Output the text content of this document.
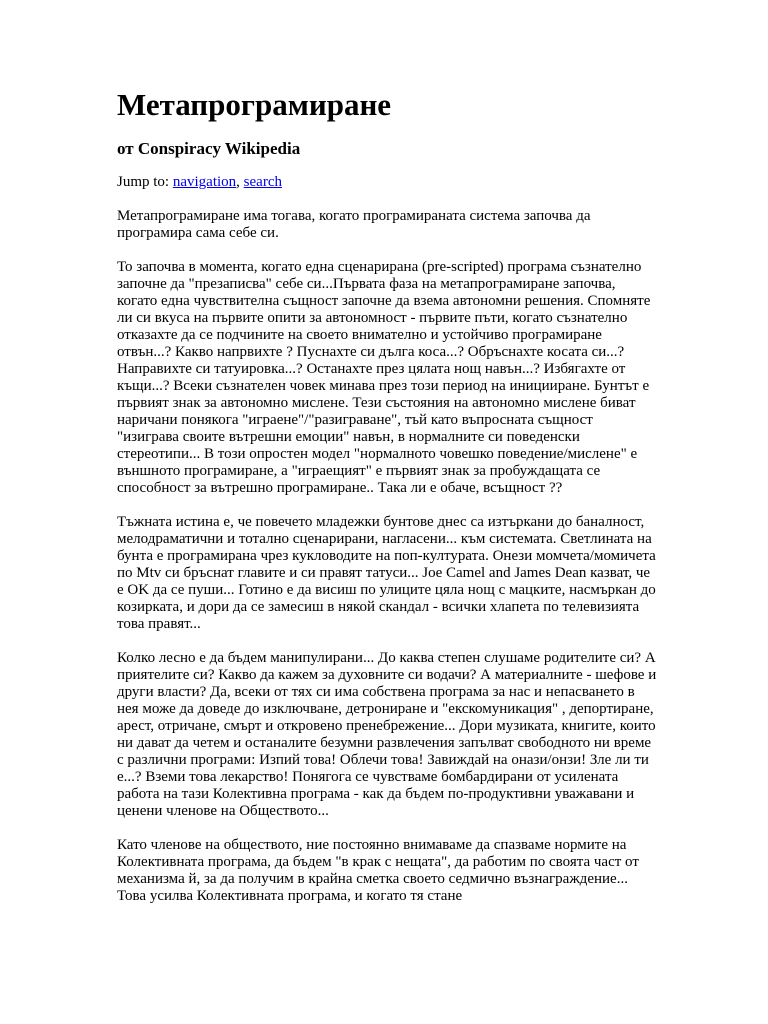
Метапрограмиране
от Conspiracy Wikipedia
Jump to: navigation, search

Метапрограмиране има тогава, когато програмираната система започва да програмира сама себе си.

То започва в момента, когато една сценарирана (pre-scripted) програма съзнателно започне да "презаписва" себе си...Първата фаза на метапрограмиране започва, когато една чувствителна същност започне да взема автономни решения. Спомняте ли си вкуса на първите опити за автономност - първите пъти, когато съзнателно отказахте да се подчините на своето внимателно и устойчиво програмиране отвън...? Какво напрвихте ? Пуснахте си дълга коса...? Обръснахте косата си...? Направихте си татуировка...? Останахте през цялата нощ навън...? Избягахте от къщи...? Всеки съзнателен човек минава през този период на иницииране. Бунтът е първият знак за автономно мислене. Тези състояния на автономно мислене биват наричани понякога "играене"/"разиграване", тъй като въпросната същност "изиграва своите вътрешни емоции" навън, в нормалните си поведенски стереотипи... В този опростен модел "нормалното човешко поведение/мислене" е външното програмиране, а "играещият" е първият знак за пробуждащата се способност за вътрешно програмиране.. Така ли е обаче, всъщност ??

Тъжната истина е, че повечето младежки бунтове днес са изтъркани до баналност, мелодраматични и тотално сценарирани, нагласени... към системата. Светлината на бунта е програмирана чрез кукловодите на поп-културата. Онези момчета/момичета по Mtv си бръснат главите и си правят татуси... Joe Camel and James Dean казват, че е OK да се пуши... Готино е да висиш по улиците цяла нощ с мацките, насмъркан до козирката, и дори да се замесиш в някой скандал - всички хлапета по телевизията това правят...

Колко лесно е да бъдем манипулирани... До каква степен слушаме родителите си? А приятелите си? Какво да кажем за духовните си водачи? А материалните - шефове и други власти? Да, всеки от тях си има собствена програма за нас и непасването в нея може да доведе до изключване, детрониране и "екскомуникация" , депортиране, арест, отричане, смърт и откровено пренебрежение... Дори музиката, книгите, които ни дават да четем и останалите безумни развлечения запълват свободното ни време с различни програми: Изпий това! Облечи това! Завиждай на онази/онзи! Зле ли ти е...? Вземи това лекарство! Понягога се чувстваме бомбардирани от усилената работа на тази Колективна програма - как да бъдем по-продуктивни уважавани и ценени членове на Обществото...

Като членове на обществото, ние постоянно внимаваме да спазваме нормите на Колективната програма, да бъдем "в крак с нещата", да работим по своята част от механизма й, за да получим в крайна сметка своето седмично възнаграждение... Това усилва Колективната програма, и когато тя стане
